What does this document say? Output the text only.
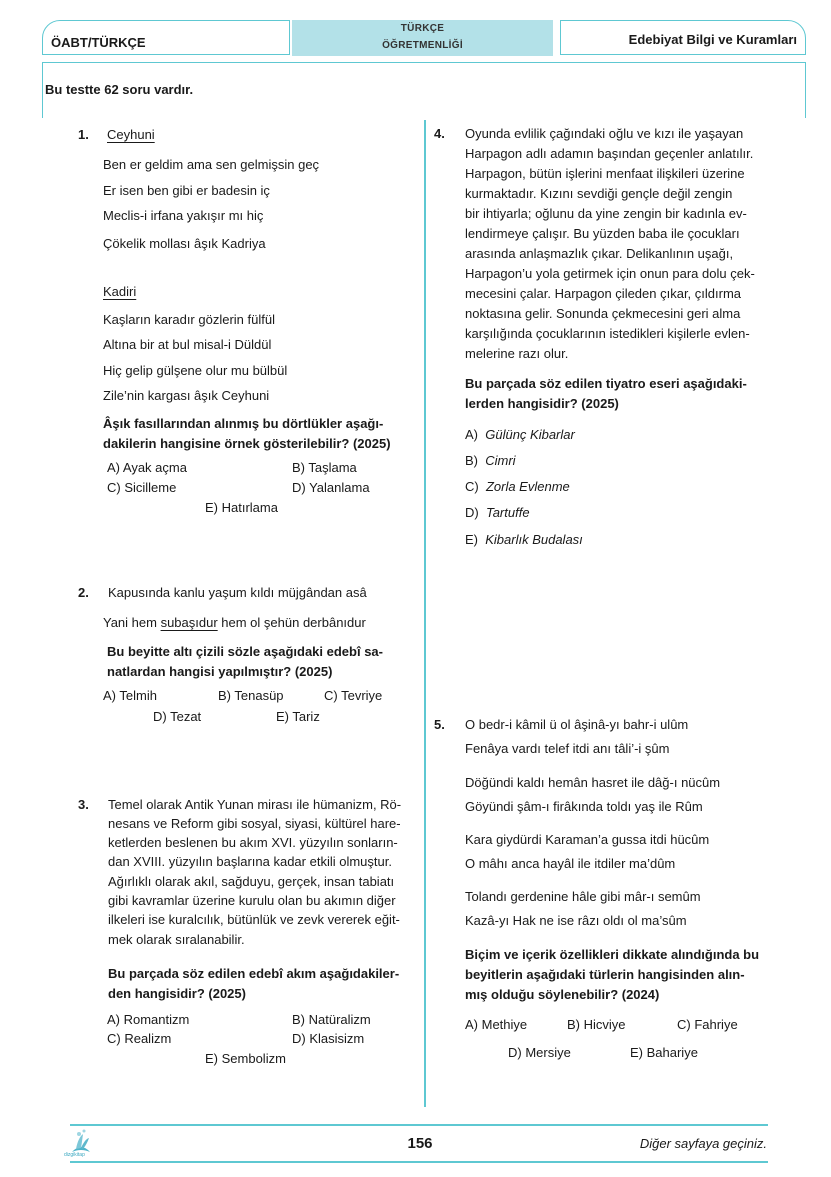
ÖABT/TÜRKÇE
TÜRKÇE
ÖĞRETMENLİĞİ	Edebiyat Bilgi ve Kuramları
Bu testte 62 soru vardır.
1. Ceyhuni
Ben er geldim ama sen gelmişsin geç
Er isen ben gibi er badesin iç
Meclis-i irfana yakışır mı hiç
Çökelik mollası âşık Kadriya
Kadiri
Kaşların karadır gözlerin fülfül
Altına bir at bul misal-i Düldül
Hiç gelip gülşene olur mu bülbül
Zile’nin kargası âşık Ceyhuni
Âşık fasıllarından alınmış bu dörtlükler aşağı-
dakilerin hangisine örnek gösterilebilir? (2025)
A) Ayak açma	B) Taşlama
C) Sicilleme	D) Yalanlama
E) Hatırlama
2. Kapusında kanlu yaşum kıldı müjgândan asâ
Yani hem subaşıdur hem ol şehün derbânıdur
Bu beyitte altı çizili sözle aşağıdaki edebî sa-
natlardan hangisi yapılmıştır? (2025)
A) Telmih	B) Tenasüp	C) Tevriye
D) Tezat	E) Tariz
3. Temel olarak Antik Yunan mirası ile hümanizm, Rö-
nesans ve Reform gibi sosyal, siyasi, kültürel hare-
ketlerden beslenen bu akım XVI. yüzyılın sonların-
dan XVIII. yüzyılın başlarına kadar etkili olmuştur.
Ağırlıklı olarak akıl, sağduyu, gerçek, insan tabiatı
gibi kavramlar üzerine kurulu olan bu akımın diğer
ilkeleri ise kuralcılık, bütünlük ve zevk vererek eğit-
mek olarak sıralanabilir.
Bu parçada söz edilen edebî akım aşağıdakiler-
den hangisidir? (2025)
A) Romantizm	B) Natüralizm
C) Realizm	D) Klasisizm
E) Sembolizm
4. Oyunda evlilik çağındaki oğlu ve kızı ile yaşayan
Harpagon adlı adamın başından geçenler anlatılır.
Harpagon, bütün işlerini menfaat ilişkileri üzerine
kurmaktadır. Kızını sevdiği gençle değil zengin
bir ihtiyarla; oğlunu da yine zengin bir kadınla ev-
lendirmeye çalışır. Bu yüzden baba ile çocukları
arasında anlaşmazlık çıkar. Delikanlının uşağı,
Harpagon’u yola getirmek için onun para dolu çek-
mecesini çalar. Harpagon çileden çıkar, çıldırma
noktasına gelir. Sonunda çekmecesini geri alma
karşılığında çocuklarının istedikleri kişilerle evlen-
melerine razı olur.
Bu parçada söz edilen tiyatro eseri aşağıdaki-
lerden hangisidir? (2025)
A) Gülünç Kibarlar
B) Cimri
C) Zorla Evlenme
D) Tartuffe
E) Kibarlık Budalası
5. O bedr-i kâmil ü ol âşinâ-yı bahr-i ulûm
Fenâya vardı telef itdi anı tâli’-i şûm
Döğündi kaldı hemân hasret ile dâğ-ı nücûm
Göyündi şâm-ı firâkında toldı yaş ile Rûm
Kara giydürdi Karaman’a gussa itdi hücûm
O mâhı anca hayâl ile itdiler ma’dûm
Tolandı gerdenine hâle gibi mâr-ı semûm
Kazâ-yı Hak ne ise râzı oldı ol ma’sûm
Biçim ve içerik özellikleri dikkate alındığında bu
beyitlerin aşağıdaki türlerin hangisinden alın-
mış olduğu söylenebilir? (2024)
A) Methiye	B) Hicviye	C) Fahriye
D) Mersiye	E) Bahariye
dizgikitap
156	Diğer sayfaya geçiniz.
